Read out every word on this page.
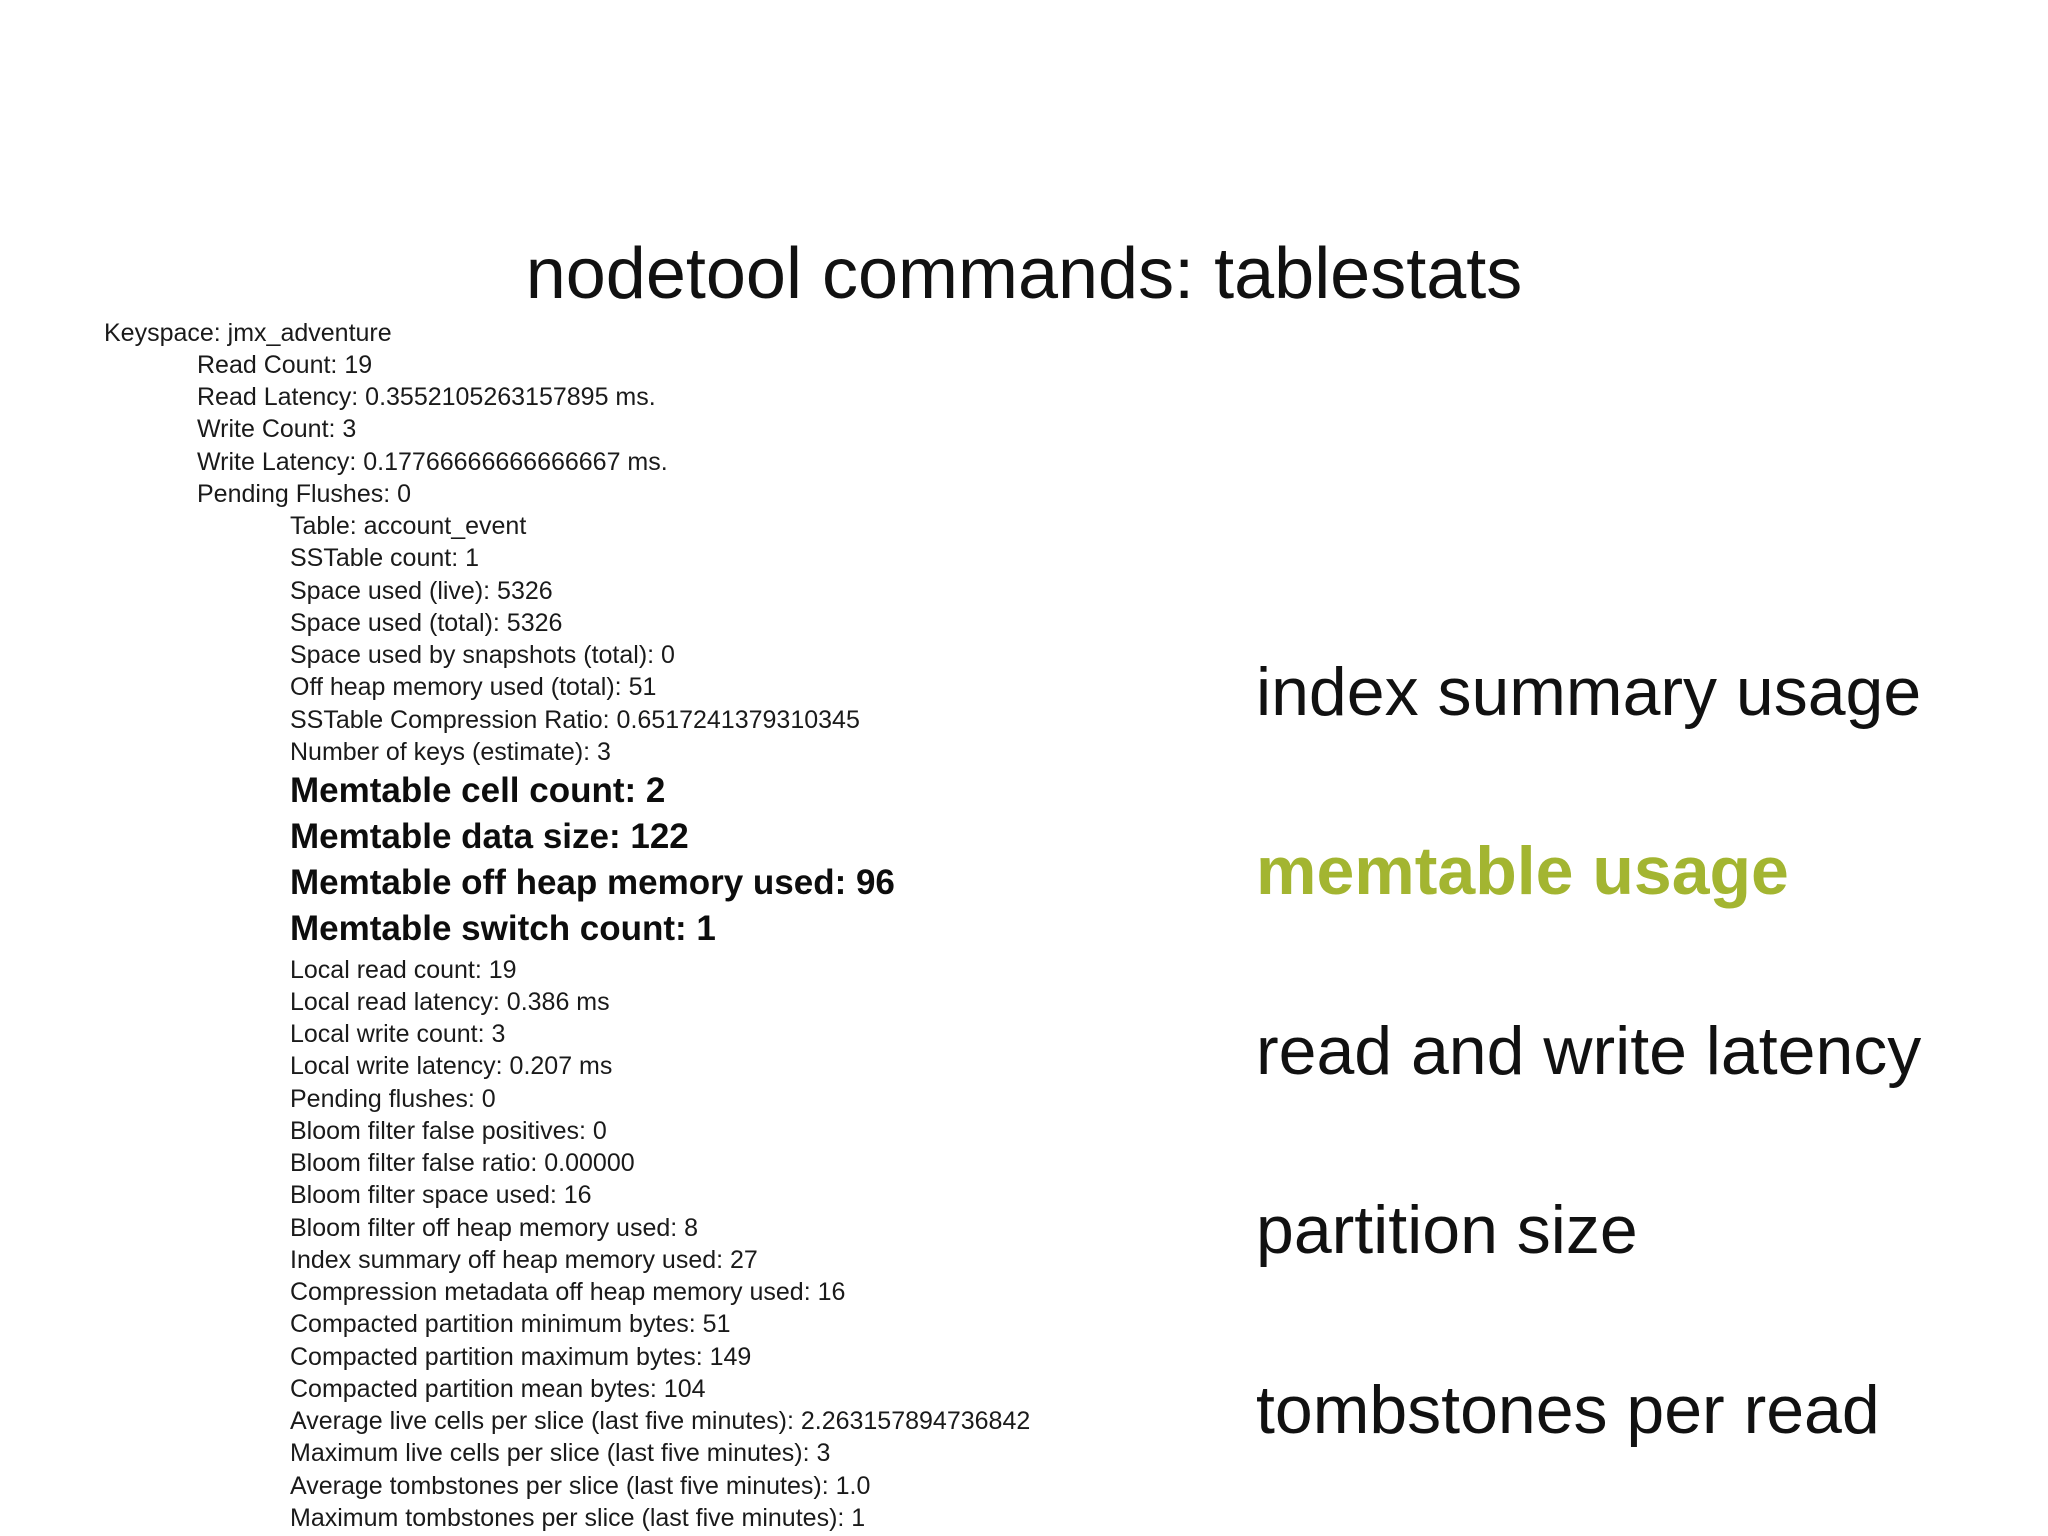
nodetool commands: tablestats
Keyspace: jmx_adventure
Read Count: 19
Read Latency: 0.3552105263157895 ms.
Write Count: 3
Write Latency: 0.17766666666666667 ms.
Pending Flushes: 0
Table: account_event
SSTable count: 1
Space used (live): 5326
Space used (total): 5326
Space used by snapshots (total): 0
Off heap memory used (total): 51
SSTable Compression Ratio: 0.6517241379310345
Number of keys (estimate): 3
Memtable cell count: 2
Memtable data size: 122
Memtable off heap memory used: 96
Memtable switch count: 1
Local read count: 19
Local read latency: 0.386 ms
Local write count: 3
Local write latency: 0.207 ms
Pending flushes: 0
Bloom filter false positives: 0
Bloom filter false ratio: 0.00000
Bloom filter space used: 16
Bloom filter off heap memory used: 8
Index summary off heap memory used: 27
Compression metadata off heap memory used: 16
Compacted partition minimum bytes: 51
Compacted partition maximum bytes: 149
Compacted partition mean bytes: 104
Average live cells per slice (last five minutes): 2.263157894736842
Maximum live cells per slice (last five minutes): 3
Average tombstones per slice (last five minutes): 1.0
Maximum tombstones per slice (last five minutes): 1
index summary usage
memtable usage
read and write latency
partition size
tombstones per read
